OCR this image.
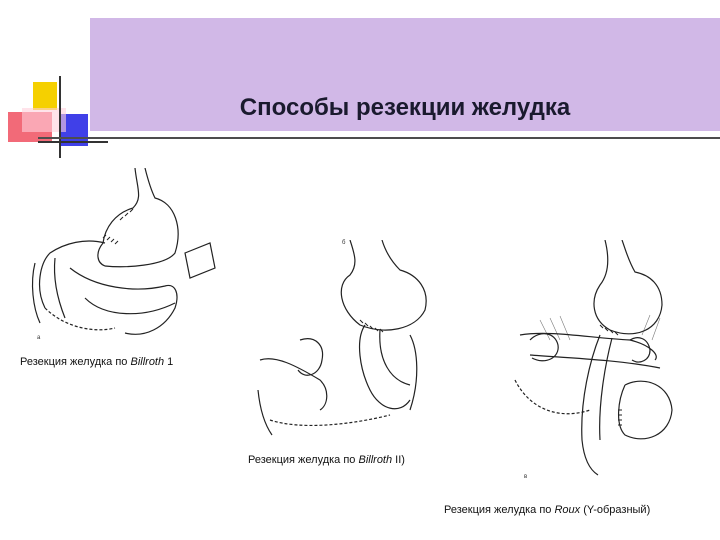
Способы резекции желудка
а
Резекция желудка по Billroth 1
б
Резекция желудка по Billroth II)
в
Резекция желудка по Roux (Y-образный)
